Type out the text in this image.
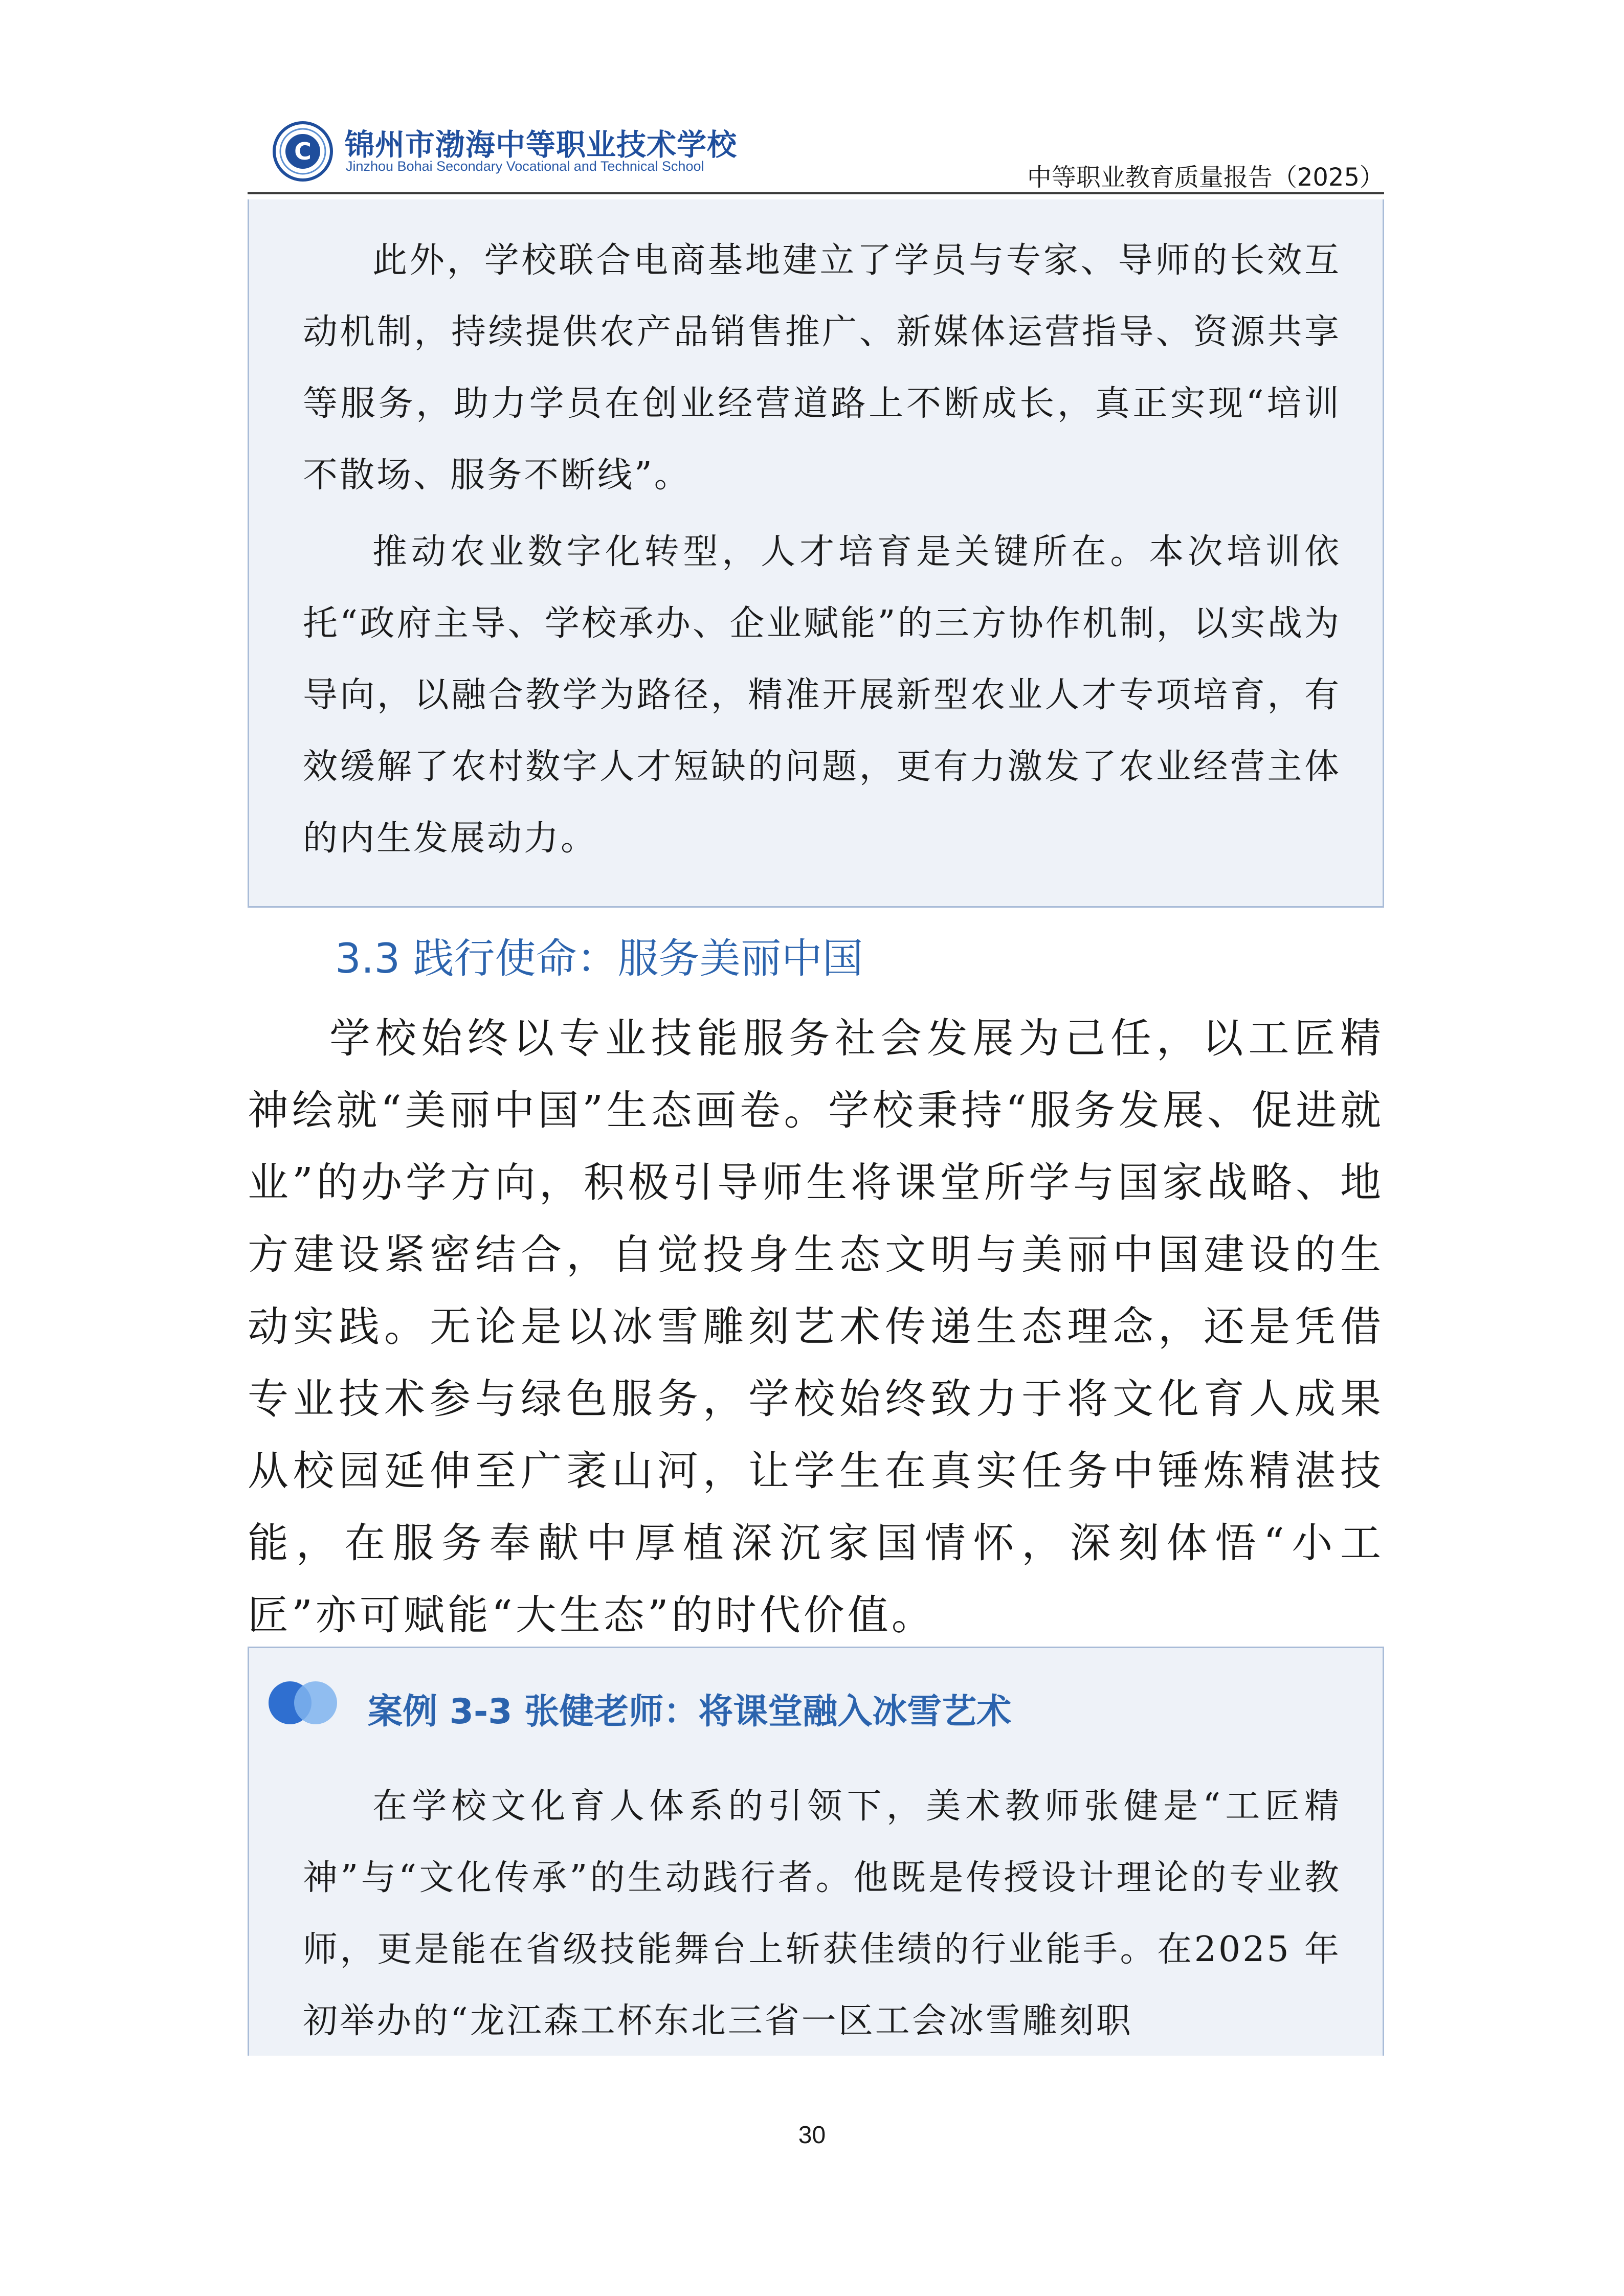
C 锦州市渤海中等职业技术学校
Jinzhou Bohai Secondary Vocational and Technical School	中等职业教育质量报告（2025）
此外，学校联合电商基地建立了学员与专家、导师的长效互动机制，持续提供农产品销售推广、新媒体运营指导、资源共享等服务，助力学员在创业经营道路上不断成长，真正实现“培训不散场、服务不断线”。
推动农业数字化转型，人才培育是关键所在。本次培训依托“政府主导、学校承办、企业赋能”的三方协作机制，以实战为导向，以融合教学为路径，精准开展新型农业人才专项培育，有效缓解了农村数字人才短缺的问题，更有力激发了农业经营主体的内生发展动力。
3.3 践行使命：服务美丽中国
学校始终以专业技能服务社会发展为己任，以工匠精神绘就“美丽中国”生态画卷。学校秉持“服务发展、促进就业”的办学方向，积极引导师生将课堂所学与国家战略、地方建设紧密结合，自觉投身生态文明与美丽中国建设的生动实践。无论是以冰雪雕刻艺术传递生态理念，还是凭借专业技术参与绿色服务，学校始终致力于将文化育人成果从校园延伸至广袤山河，让学生在真实任务中锤炼精湛技能，在服务奉献中厚植深沉家国情怀，深刻体悟“小工匠”亦可赋能“大生态”的时代价值。
案例 3-3 张健老师：将课堂融入冰雪艺术
在学校文化育人体系的引领下，美术教师张健是“工匠精神”与“文化传承”的生动践行者。他既是传授设计理论的专业教师，更是能在省级技能舞台上斩获佳绩的行业能手。在2025 年初举办的“龙江森工杯东北三省一区工会冰雪雕刻职
30
